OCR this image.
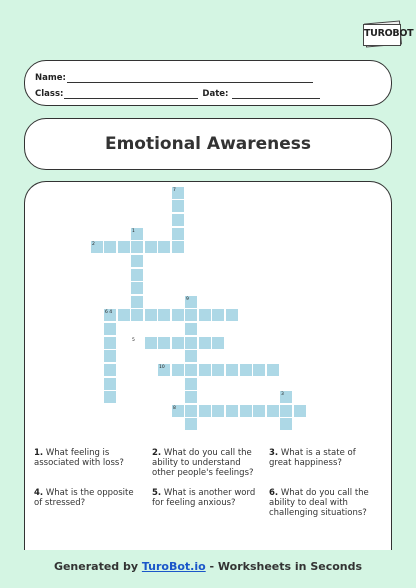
TUROBOT
Name:
Class:	Date:
Emotional Awareness
7
1
2
9
6 4
5
10
3
8
1. What feeling is associated with loss?
2. What do you call the ability to understand other people's feelings?
3. What is a state of great happiness?
4. What is the opposite of stressed?
5. What is another word for feeling anxious?
6. What do you call the ability to deal with challenging situations?
Generated by TuroBot.io - Worksheets in Seconds
